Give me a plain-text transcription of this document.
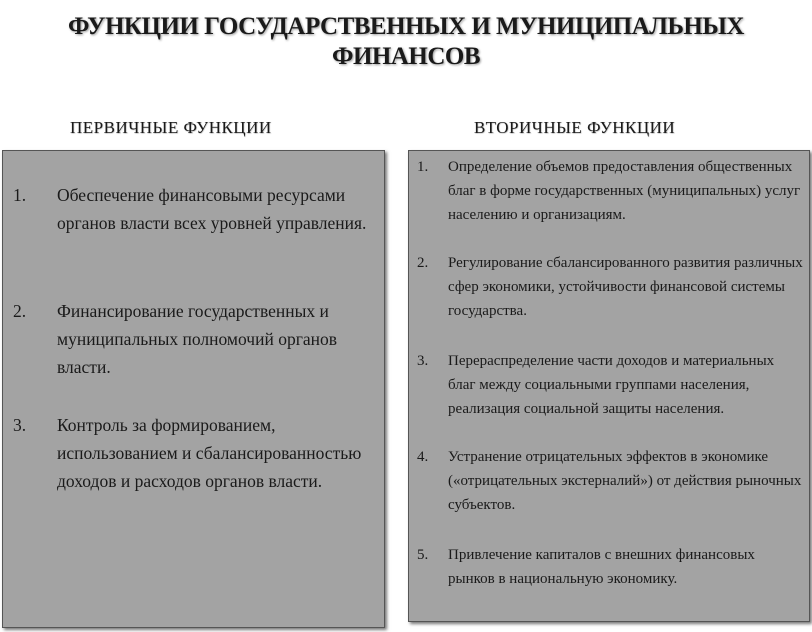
ФУНКЦИИ ГОСУДАРСТВЕННЫХ И МУНИЦИПАЛЬНЫХ
ФИНАНСОВ
ПЕРВИЧНЫЕ ФУНКЦИИ	ВТОРИЧНЫЕ ФУНКЦИИ
1.	Обеспечение финансовыми ресурсами органов власти всех уровней управления.
2.	Финансирование государственных и муниципальных полномочий органов власти.
3.	Контроль за формированием, использованием и сбалансированностью доходов и расходов органов власти.
1.	Определение объемов предоставления общественных благ в форме государственных (муниципальных) услуг населению и организациям.
2.	Регулирование сбалансированного развития различных сфер экономики, устойчивости финансовой системы государства.
3.	Перераспределение части доходов и материальных благ между социальными группами населения, реализация социальной защиты населения.
4.	Устранение отрицательных эффектов в экономике («отрицательных экстерналий») от действия рыночных субъектов.
5.	Привлечение капиталов с внешних финансовых рынков в национальную экономику.
